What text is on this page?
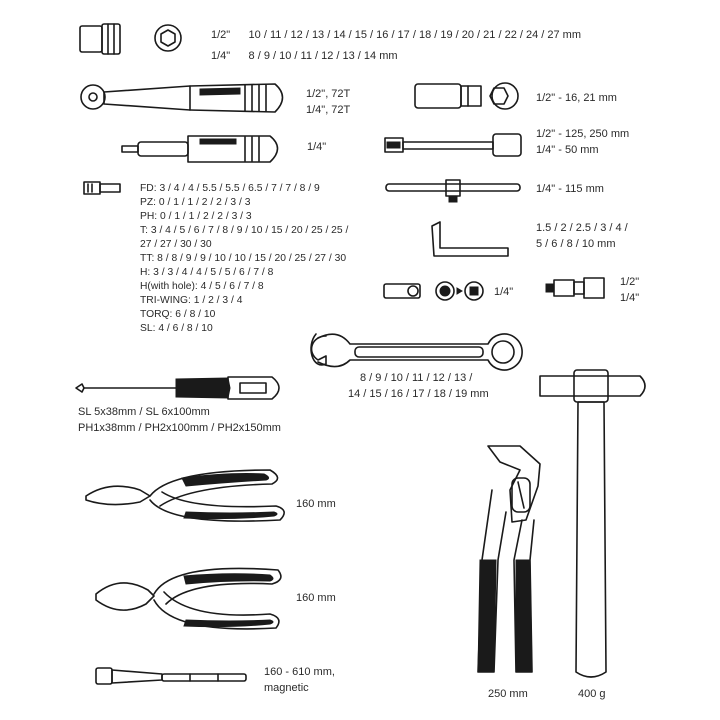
1/2" 10 / 11 / 12 / 13 / 14 / 15 / 16 / 17 / 18 / 19 / 20 / 21 / 22 / 24 / 27 mm
1/4" 8 / 9 / 10 / 11 / 12 / 13 / 14 mm
1/2", 72T
1/4", 72T
1/4"
1/2" - 16, 21 mm
1/2" - 125, 250 mm
1/4" - 50 mm
1/4" - 115 mm
FD: 3 / 4 / 4 / 5.5 / 5.5 / 6.5 / 7 / 7 / 8 / 9
PZ: 0 / 1 / 1 / 2 / 2 / 3 / 3
PH: 0 / 1 / 1 / 2 / 2 / 3 / 3
T: 3 / 4 / 5 / 6 / 7 / 8 / 9 / 10 / 15 / 20 / 25 / 25 /
27 / 27 / 30 / 30
TT: 8 / 8 / 9 / 9 / 10 / 10 / 15 / 20 / 25 / 27 / 30
H: 3 / 3 / 4 / 4 / 5 / 5 / 6 / 7 / 8
H(with hole): 4 / 5 / 6 / 7 / 8
TRI-WING: 1 / 2 / 3 / 4
TORQ: 6 / 8 / 10
SL: 4 / 6 / 8 / 10
1.5 / 2 / 2.5 / 3 / 4 /
5 / 6 / 8 / 10 mm
1/4"
1/2"
1/4"
8 / 9 / 10 / 11 / 12 / 13 /
14 / 15 / 16 / 17 / 18 / 19 mm
SL 5x38mm / SL 6x100mm
PH1x38mm / PH2x100mm / PH2x150mm
160 mm
160 mm
160 - 610 mm,
magnetic	250 mm	400 g
